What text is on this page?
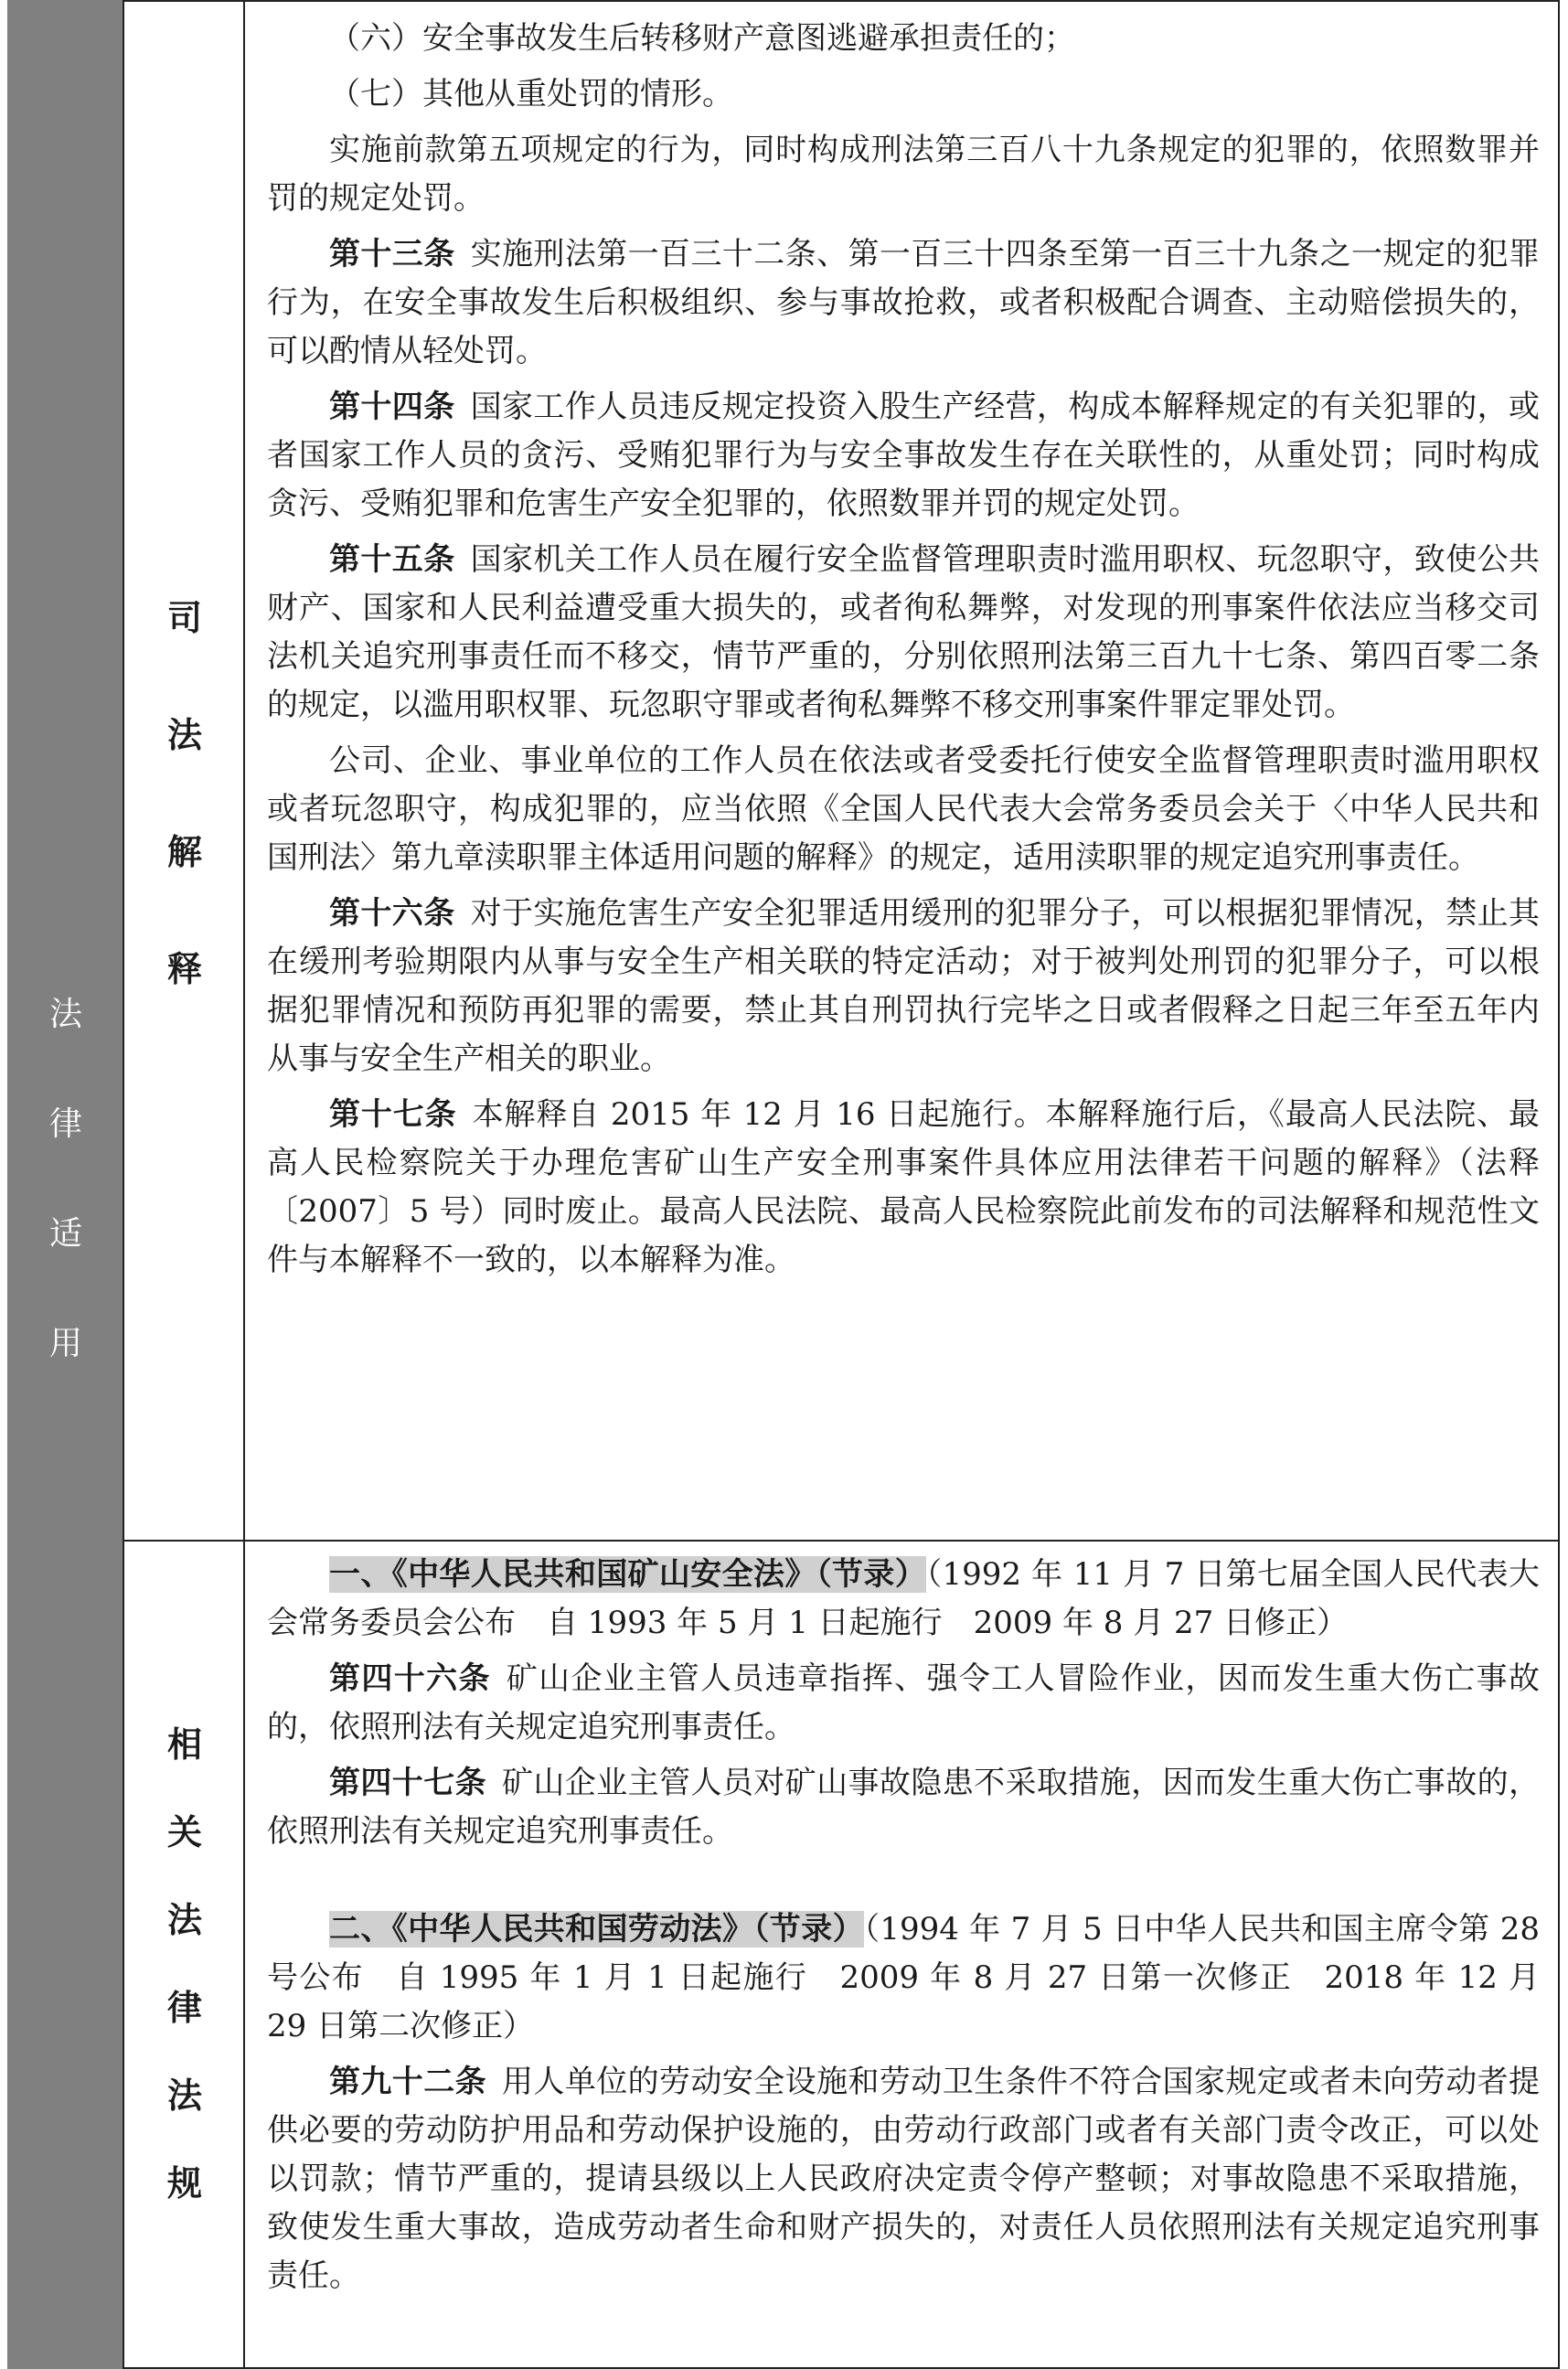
法
律
适
用
司
法
解
释
相
关
法
律
法
规

（六）安全事故发生后转移财产意图逃避承担责任的；

（七）其他从重处罚的情形。

实施前款第五项规定的行为，同时构成刑法第三百八十九条规定的犯罪的，依照数罪并罚的规定处罚。

第十三条 实施刑法第一百三十二条、第一百三十四条至第一百三十九条之一规定的犯罪行为，在安全事故发生后积极组织、参与事故抢救，或者积极配合调查、主动赔偿损失的，可以酌情从轻处罚。

第十四条 国家工作人员违反规定投资入股生产经营，构成本解释规定的有关犯罪的，或者国家工作人员的贪污、受贿犯罪行为与安全事故发生存在关联性的，从重处罚；同时构成贪污、受贿犯罪和危害生产安全犯罪的，依照数罪并罚的规定处罚。

第十五条 国家机关工作人员在履行安全监督管理职责时滥用职权、玩忽职守，致使公共财产、国家和人民利益遭受重大损失的，或者徇私舞弊，对发现的刑事案件依法应当移交司法机关追究刑事责任而不移交，情节严重的，分别依照刑法第三百九十七条、第四百零二条的规定，以滥用职权罪、玩忽职守罪或者徇私舞弊不移交刑事案件罪定罪处罚。

公司、企业、事业单位的工作人员在依法或者受委托行使安全监督管理职责时滥用职权或者玩忽职守，构成犯罪的，应当依照《全国人民代表大会常务委员会关于〈中华人民共和国刑法〉第九章渎职罪主体适用问题的解释》的规定，适用渎职罪的规定追究刑事责任。

第十六条 对于实施危害生产安全犯罪适用缓刑的犯罪分子，可以根据犯罪情况，禁止其在缓刑考验期限内从事与安全生产相关联的特定活动；对于被判处刑罚的犯罪分子，可以根据犯罪情况和预防再犯罪的需要，禁止其自刑罚执行完毕之日或者假释之日起三年至五年内从事与安全生产相关的职业。

第十七条 本解释自 2015 年 12 月 16 日起施行。本解释施行后，《最高人民法院、最高人民检察院关于办理危害矿山生产安全刑事案件具体应用法律若干问题的解释》（法释〔2007〕5 号）同时废止。最高人民法院、最高人民检察院此前发布的司法解释和规范性文件与本解释不一致的，以本解释为准。

一、《中华人民共和国矿山安全法》（节录）（1992 年 11 月 7 日第七届全国人民代表大会常务委员会公布　自 1993 年 5 月 1 日起施行　2009 年 8 月 27 日修正）

第四十六条 矿山企业主管人员违章指挥、强令工人冒险作业，因而发生重大伤亡事故的，依照刑法有关规定追究刑事责任。

第四十七条 矿山企业主管人员对矿山事故隐患不采取措施，因而发生重大伤亡事故的，依照刑法有关规定追究刑事责任。

二、《中华人民共和国劳动法》（节录）（1994 年 7 月 5 日中华人民共和国主席令第 28 号公布　自 1995 年 1 月 1 日起施行　2009 年 8 月 27 日第一次修正　2018 年 12 月 29 日第二次修正）

第九十二条 用人单位的劳动安全设施和劳动卫生条件不符合国家规定或者未向劳动者提供必要的劳动防护用品和劳动保护设施的，由劳动行政部门或者有关部门责令改正，可以处以罚款；情节严重的，提请县级以上人民政府决定责令停产整顿；对事故隐患不采取措施，致使发生重大事故，造成劳动者生命和财产损失的，对责任人员依照刑法有关规定追究刑事责任。
